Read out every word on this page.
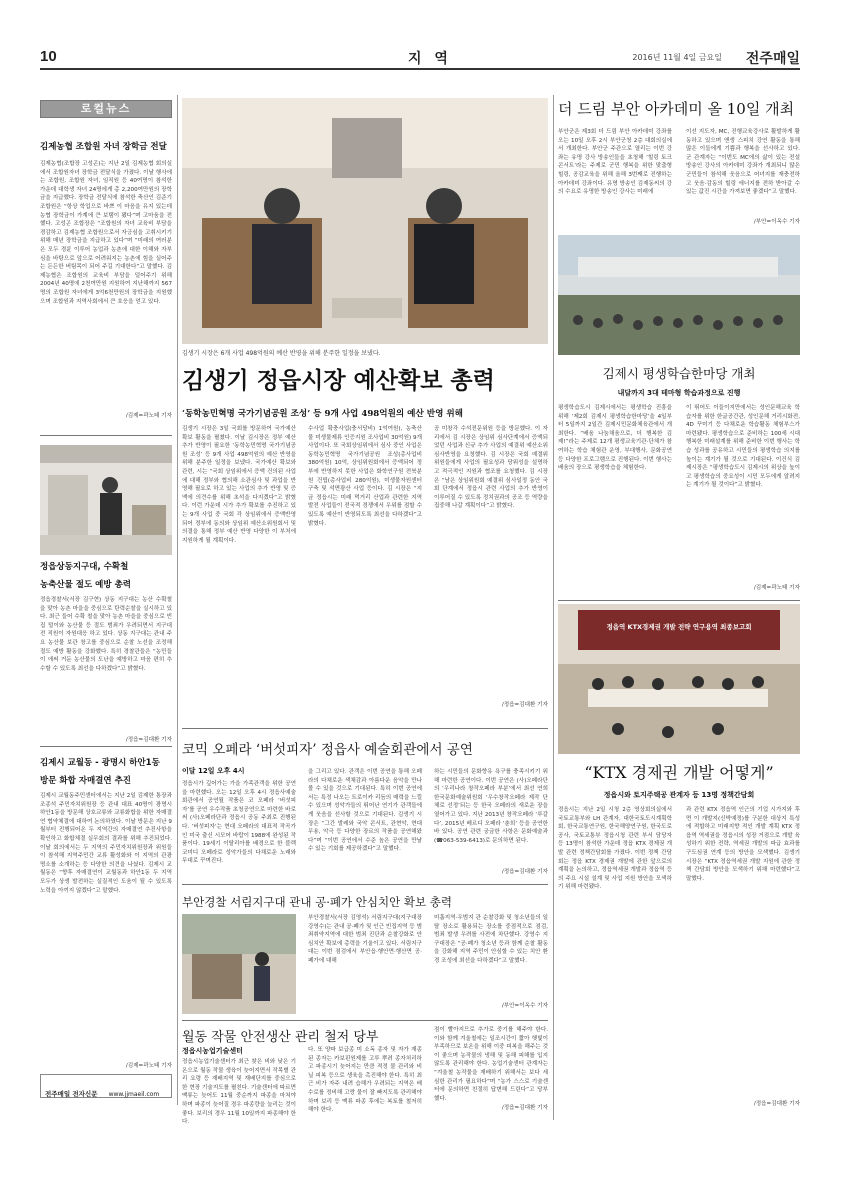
10	지 역	2016년 11월 4일 금요일 전주매일
로컬뉴스
김제농협 조합원 자녀 장학금 전달
김제농협(조합장 고성곤)는 지난 2일 김제농협 회의실에서 조합원자녀 장학금 전달식을 가졌다. 이날 행사에는 조합원, 조합원 자녀, 임직원 등 40여명이 참석한 가운데 대학생 자녀 24명에게 총 2,200여만원의 장학금을 지급했다. 장학금 전달식에 참석한 축산인 김준기 조합원은 “항상 학업으로 바쁘 이 마음을 유지 있는데 농협 장학금이 가계에 큰 보탬이 됐다”며 고마움을 전했다. 고성곤 조합장은 “조합원의 자녀 교육비 부담을 경감하고 김제농협 조합원으로서 자긍심을 고취시키기 위해 매년 장학금을 지급하고 있다”며 “미래의 여러분은 모두 경륜 이루어 농업과 농촌에 대한 이해와 자부심을 바탕으로 앞으로 어려워지는 농촌에 힘을 실어주는 든든한 버팀목이 되어 주길 기대한다”고 말했다. 김제농협은 조합원의 교육비 부담을 덜어주기 위해 2004년 40명에 2천여만원 지원하여 지난해까지 567명의 조합원 자녀에게 3억6천만원의 장학금을 지원했으며 조합원과 지역사회에서 큰 호응을 얻고 있다.
/김제=곽노태 기자
정읍상동지구대, 수확철
농축산물 절도 예방 총력
정읍경찰서(서장 김구현) 상동 지구대는 농산 수확철을 맞아 농촌 마을을 중심으로 탄력순찰을 실시하고 있다. 최근 들어 수확 철을 맞아 농촌 마을을 중심으로 빈집 털이와 농산물 등 절도 범죄가 우려되면서 지구대 전 직원이 자원대응 하고 있다. 상동 지구대는 관내 주요 농산물 보관 창고를 중심으로 순찰 노선을 조정해 절도 예방 활동을 강화했다. 특히 경찰관들은 “농민들이 애써 거둔 농산물의 도난을 예방하고 마음 편히 추수할 수 있도록 최선을 다하겠다”고 밝혔다.
/정읍=김대환 기자
김제시 교월동 - 광명시 하안1동
방문 화합 자매결연 추진
김제시 교월동주민센터에서는 지난 2일 김제한 통장과 조종석 주민자치위원장 등 관내 대표 40명이 광명시 하안1동을 방문해 상호교류와 교류화합을 위한 자매결연 협약체결에 대하여 논의하였다. 이날 방문은 지난 9월부터 진행되어온 두 지역간의 자매결연 추진사항을 확인하고 화합체결 실무회의 결과를 위해 추진되었다. 이날 회의에서는 두 지역의 주민자치위원장과 위원들이 참석해 지역주민간 교류 활성화와 이 지역의 관광 명소를 소개하는 등 다양한 의견을 나눴다. 김제시 교월동은 “향후 자매결연이 교월동과 하안1동 두 지역 모두가 상생 발전하는 실질적인 도움이 될 수 있도록 노력을 아끼지 않겠다”고 말했다.
/김제=곽노태 기자
전주매일 전자신문 www.jjmaeil.com
김생기 시장은 6개 사업 498억원의 예산 반영을 위해 분주한 일정을 보냈다.
김생기 정읍시장 예산확보 총력
‘동학농민혁명 국가기념공원 조성’ 등 9개 사업 498억원의 예산 반영 위해
김생기 시장은 3일 국회를 방문하여 국가예산 확보 활동을 펼쳤다. 이날 김시장은 정부 예산 추가 반영이 필요한 ‘동학농민혁명 국가기념공원 조성’ 등 9개 사업 498억원의 예산 반영을 위해 분주한 일정을 보냈다. 국가예산 확보와 관련, 시는 “국회 상임위에서 증액 건의된 사업에 대해 정부와 협의해 소관심사 및 과업을 반영해 필요로 하고 있는 사업의 추가 반영 및 증액에 의견수를 위해 초석을 다지겠다”고 밝혔다. 이런 가운데 시가 추가 확보를 추진하고 있는 9개 사업 중 국회 각 상임위에서 증액반영 되어 정부에 동의와 상임위 예산소위원회서 및 의결을 통해 정부 예산 반영 다양한 이 부처에 지원하게 될 계획이다.
수사업 확충사업(충서당비) 1억여원), 농축산물 미생물제류 인증지원 조사업비 30억원) 9개 사업이다. 또 국회상임위에서 심사 중인 사업은 동학농민혁명 국가기념공원 조성(총사업비 380억원) 10억, 상임위원회에서 증액되어 정부에 반영하지 못한 사업은 화학연구원 전북분원 건립(총사업비 280억원), 미생물자원센터 구축 및 석면광산 사업 등이다. 김 시장은 “지금 정읍시는 미래 먹거리 산업과 관련한 지역 발전 사업들이 전국적 경쟁에서 우위를 점할 수 있도록 예산이 반영되도록 최선을 다하겠다”고 밝혔다.
공 미창각 수석전문위원 등을 방문했다. 이 자리에서 김 시장은 상임위 심사단계에서 증액되었던 사업과 신규 추가 사업의 예결위 예산소위 심사반영을 요청했다. 김 시장은 국회 예결위 위원들에게 사업의 필요성과 당위성을 설명하고 적극적인 지원과 협조를 요청했다. 김 시장은 “남은 상임위원회 예결위 심사일정 동안 국회 단계에서 정읍시 관련 사업의 추가 반영이 이루어질 수 있도록 정치권과의 공조 등 역량을 집중해 나갈 계획이다”고 밝혔다.
/정읍=김대환 기자
코믹 오페라 ‘버섯피자’ 정읍사 예술회관에서 공연
이달 12일 오후 4시
정읍시가 깊어가는 가을 가족관객을 위한 공연을 마련했다. 오는 12일 오후 4시 정읍사예술회관에서 공연될 작품은 코 오페라 ‘버섯피자’를 공연 우수작품 초청공연으로 마련한 바로써 (사)오페라단과 정읍시 공동 주최로 진행된다. ‘버섯피자’는 현대 오페라의 대표적 작곡가인 미국 출신 시모어 바랍이 1988에 완성된 작품이다. 19세기 이탈리아를 배경으로 한 블랙 코미디 오페라로 성악가들의 다채로운 노래와 무대로 꾸며진다.
을 그리고 있다. 관객은 이번 공연을 통해 오페라의 다채로운 색채감과 아름다운 음악을 만나볼 수 있을 것으로 기대된다. 특히 이번 공연에서는 특정 나오는 트로이카 리듬의 매력을 느낄 수 있으며 성악가들의 뛰어난 연기가 관객들에게 웃음을 선사할 것으로 기대된다. 김생기 시장은 “그간 발레와 국악 콘서트, 관현악, 현대무용, 악극 등 다양한 장르의 작품을 공연해왔다”며 “이번 공연에서 수준 높은 공연을 만날 수 있는 기회를 제공하겠다”고 말했다.
하는 시민들의 문화향유 욕구를 충족시키기 위해 마련한 공연이다. 이번 공연은 (사)오페라단의 ‘우리나라 창작오페라 부분’에서 최선 연희 한국문화예술위원회 ‘우수창작오페라 제작 단체로 선정’되는 등 한국 오페라의 새로운 장을 열어가고 있다. 지난 2013년 창작오페라 ‘루갈다’, 2015년 베르디 오페라 ‘춘희’ 등을 공연한 바 있다. 공연 관련 궁금한 사항은 문화예술과(☎063-539-6413)로 문의하면 된다.
/정읍=김대환 기자
부안경찰 서림지구대 관내 공·폐가 안심치안 확보 총력
부안경찰서(서장 김영석) 서림지구대(지구대장 강영수)는 관내 공·폐가 및 인근 빈집지역 등 범죄취약지역에 대한 범죄 진단과 순찰강화로 안심치안 확보에 총력을 기울이고 있다. 서림지구대는 이번 점검에서 부안읍·행안면·행산면 공·폐가에 대해
미흡지역·우범지 관 순찰강화 및 청소년들의 일탈 장소로 활용되는 장소를 중점적으로 점검, 범죄 발생 우려를 사전에 차단했다. 강영수 지구대장은 “공·폐가 청소년 등과 함께 순찰 활동을 강화해 지역 주민이 안심할 수 있는 치안 환경 조성에 최선을 다하겠다”고 말했다.
/부안=이옥수 기자
월동 작물 안전생산 관리 철저 당부
정읍시농업기술센터
정읍시농업기술센터가 최근 찾은 비와 낮은 기온으로 월동 작물 생육이 늦어지면서 작목별 관리 요령 등 재배지역 및 재배단지를 중심으로 한 현장 기술지도를 펼친다. 기술센터에 따르면 맥류는 늦어도 11월 중순까지 파종을 마쳐야 하며 파종이 늦어질 경우 파종량을 늘리는 것이 좋다. 보리의 경우 11월 10일까지 파종해야 한다.
다. 또 양파 보급종 미 소독 종자 및 자가 재종된 종자는 카보핀원제를 고루 뿌려 종자처리하고 파종시기 늦어지는 만큼 적정 물 관리와 비닐 피복 등으로 생육을 촉진해야 한다. 특히 최근 비가 자주 내려 습해가 우려되는 지역은 배수로를 정비해 고랑 물이 잘 빠지도록 관리해야 하며 보리 등 맥류 파종 후에는 복토를 철저히 해야 한다.
점이 빨아지므로 추가로 중기를 해주야 한다. 이와 함께 겨울철에는 일조시간이 짧아 햇빛이 부족하므로 보온을 위해 이중 피복을 해주는 것이 좋으며 농작물의 냉해 및 동해 피해를 입지 않도록 관리해야 한다. 농업기술센터 관계자는 “겨울철 농작물을 재배하기 위해서는 보다 세심한 관리가 필요하다”며 “농가 스스로 기술센터에 문의하면 친절히 답변해 드린다”고 당부했다.
/정읍=김대환 기자
더 드림 부안 아카데미 올 10일 개최
부안군은 제3회 더 드림 부안 아카데미 강좌를 오는 10일 오후 2시 부안군청 2층 대회의실에서 개최한다. 부안군 주관으로 열리는 이번 강좌는 유명 강사 방송인들을 초청해 ‘힐링 토크 콘서트’라는 주제로 군민 행복을 위한 맞춤형 힐링, 공감교육을 위해 올해 3번째로 진행하는 아카데미 강좌이다. 유명 방송인 김제동씨의 강의 수요로 유명한 방송인 강사는 미래에
이선 지도자, MC, 진행교육강사로 활발하게 활동하고 있으며 앤생 스피치 강연 활동을 통해 많은 이들에게 기쁨과 행복을 선사하고 있다. 군 관계자는 “이번도 MC에의 삶이 있는 전설 방송인 강사의 아카데미 강좌가 개최되니 많은 군민들이 참석해 웃음으로 어녀지를 재충전하고 웃음·감동의 힐링 에너지를 전하 받아갈 수 있는 값진 시간을 가져보면 좋겠다”고 말했다.
/부안=이옥수 기자
김제시 평생학습한마당 개최
내달까지 3대 테마형 학습과정으로 진행
평생학습도시 김제시에서는 평생학습 진흥을 위해 ‘제2회 김제시 평생학습한마당’을 4일부터 5일까지 2일간 김제시민문화체육관에서 개최한다. “배움 나눔채움으로, 더 행복한 김제!”라는 주제로 12개 평생교육기관·단체가 참여하는 학습 체험관 운영, 부대행사, 문화공연 등 다양한 프로그램으로 진행된다. 이번 행사는 배움의 장으로 평생학습을 체험한다.
이 뛰어도 이들이지만에서는 성인문해교육 학습자를 위한 한글공간관, 성인문해 거리시화전, 4D 꾸미기 등 다채로운 학습활동 체험부스가 마련됐다. 평생학습으로 준비하는 100세 시대 행복한 미래설계를 위해 준비한 이번 행사는 학습 성과를 공유하고 시민들의 평생학습 의지를 높이는 계기가 될 것으로 기대된다. 이건식 김제시장은 “평생학습도시 김제시의 위상을 높이고 평생학습의 중요성이 시민 모두에게 알려지는 계기가 될 것이다”고 밝혔다.
/김제=곽노태 기자
정읍역 KTX경제권 개발 전략 연구용역 최종보고회
“KTX 경제권 개발 어떻게”
정읍시와 토지주택공 관계자 등 13명 정책간담회
정읍시는 지난 2일 시청 2층 영상회의실에서 국토교통부와 LH 관계자, 대한국토도시계획학회, 한국교통연구원, 한국해양연구원, 한국도로공사, 국토교통부 정읍시청 관련 부서 담당자 등 13명이 참석한 가운데 정읍 KTX 경제권 개발 관련 정책간담회를 가졌다. 이번 정책 간담회는 정읍 KTX 경제권 개발에 관한 앞으로의 계획을 논의하고, 정읍역세권 개발과 정읍역 등의 주요 시설 설계 및 사업 지원 방안을 모색하기 위해 마련됐다.
과 관련 KTX 정읍역 인근의 기업 시가지와 후면 이 개발지(신박예정)를 구분한 대상지 특성에 적합하고 미래지향 적인 개발 계획 KTX 정읍역 역세권을 정읍시의 성장 거점으로 개발 육성하기 위한 전략, 역세권 개발의 파급 효과를 구도심권 연계 등의 방안을 모색했다. 김생기 시장은 “KTX 정읍역세권 개발 지원에 관한 정책 간담회 방안을 모색하기 위해 마련했다”고 말했다.
/정읍=김대환 기자
